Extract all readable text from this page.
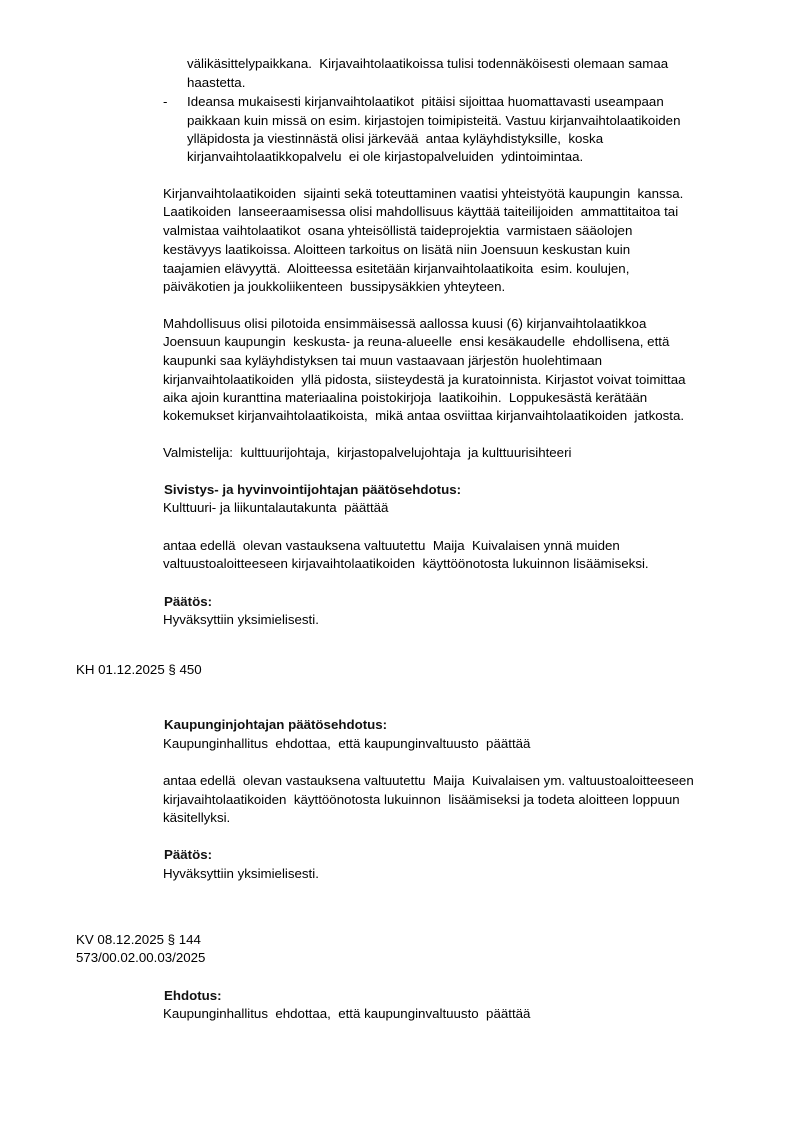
välikäsittelypaikkana.  Kirjavaihtolaatikoissa tulisi todennäköisesti olemaan samaa
haastetta.
- Ideansa mukaisesti kirjanvaihtolaatikot  pitäisi sijoittaa huomattavasti useampaan
paikkaan kuin missä on esim. kirjastojen toimipisteitä. Vastuu kirjanvaihtolaatikoiden
ylläpidosta ja viestinnästä olisi järkevää  antaa kyläyhdistyksille,  koska
kirjanvaihtolaatikkopalvelu  ei ole kirjastopalveluiden  ydintoimintaa.
Kirjanvaihtolaatikoiden  sijainti sekä toteuttaminen vaatisi yhteistyötä kaupungin  kanssa.
Laatikoiden  lanseeraamisessa olisi mahdollisuus käyttää taiteilijoiden  ammattitaitoa tai
valmistaa vaihtolaatikot  osana yhteisöllistä taideprojektia  varmistaen sääolojen
kestävyys laatikoissa. Aloitteen tarkoitus on lisätä niin Joensuun keskustan kuin
taajamien elävyyttä.  Aloitteessa esitetään kirjanvaihtolaatikoita  esim. koulujen,
päiväkotien ja joukkoliikenteen  bussipysäkkien yhteyteen.
Mahdollisuus olisi pilotoida ensimmäisessä aallossa kuusi (6) kirjanvaihtolaatikkoa
Joensuun kaupungin  keskusta- ja reuna-alueelle  ensi kesäkaudelle  ehdollisena, että
kaupunki saa kyläyhdistyksen tai muun vastaavaan järjestön huolehtimaan
kirjanvaihtolaatikoiden  yllä pidosta, siisteydestä ja kuratoinnista. Kirjastot voivat toimittaa
aika ajoin kuranttina materiaalina poistokirjoja  laatikoihin.  Loppukesästä kerätään
kokemukset kirjanvaihtolaatikoista,  mikä antaa osviittaa kirjanvaihtolaatikoiden  jatkosta.
Valmistelija:  kulttuurijohtaja,  kirjastopalvelujohtaja  ja kulttuurisihteeri
Sivistys- ja hyvinvointijohtajan päätösehdotus:
Kulttuuri- ja liikuntalautakunta  päättää
antaa edellä  olevan vastauksena valtuutettu  Maija  Kuivalaisen ynnä muiden
valtuustoaloitteeseen kirjavaihtolaatikoiden  käyttöönotosta lukuinnon lisäämiseksi.
Päätös:
Hyväksyttiin yksimielisesti.
KH 01.12.2025 § 450
Kaupunginjohtajan päätösehdotus:
Kaupunginhallitus  ehdottaa,  että kaupunginvaltuusto  päättää
antaa edellä  olevan vastauksena valtuutettu  Maija  Kuivalaisen ym. valtuustoaloitteeseen
kirjavaihtolaatikoiden  käyttöönotosta lukuinnon  lisäämiseksi ja todeta aloitteen loppuun
käsitellyksi.
Päätös:
Hyväksyttiin yksimielisesti.
KV 08.12.2025 § 144
573/00.02.00.03/2025
Ehdotus:
Kaupunginhallitus  ehdottaa,  että kaupunginvaltuusto  päättää
